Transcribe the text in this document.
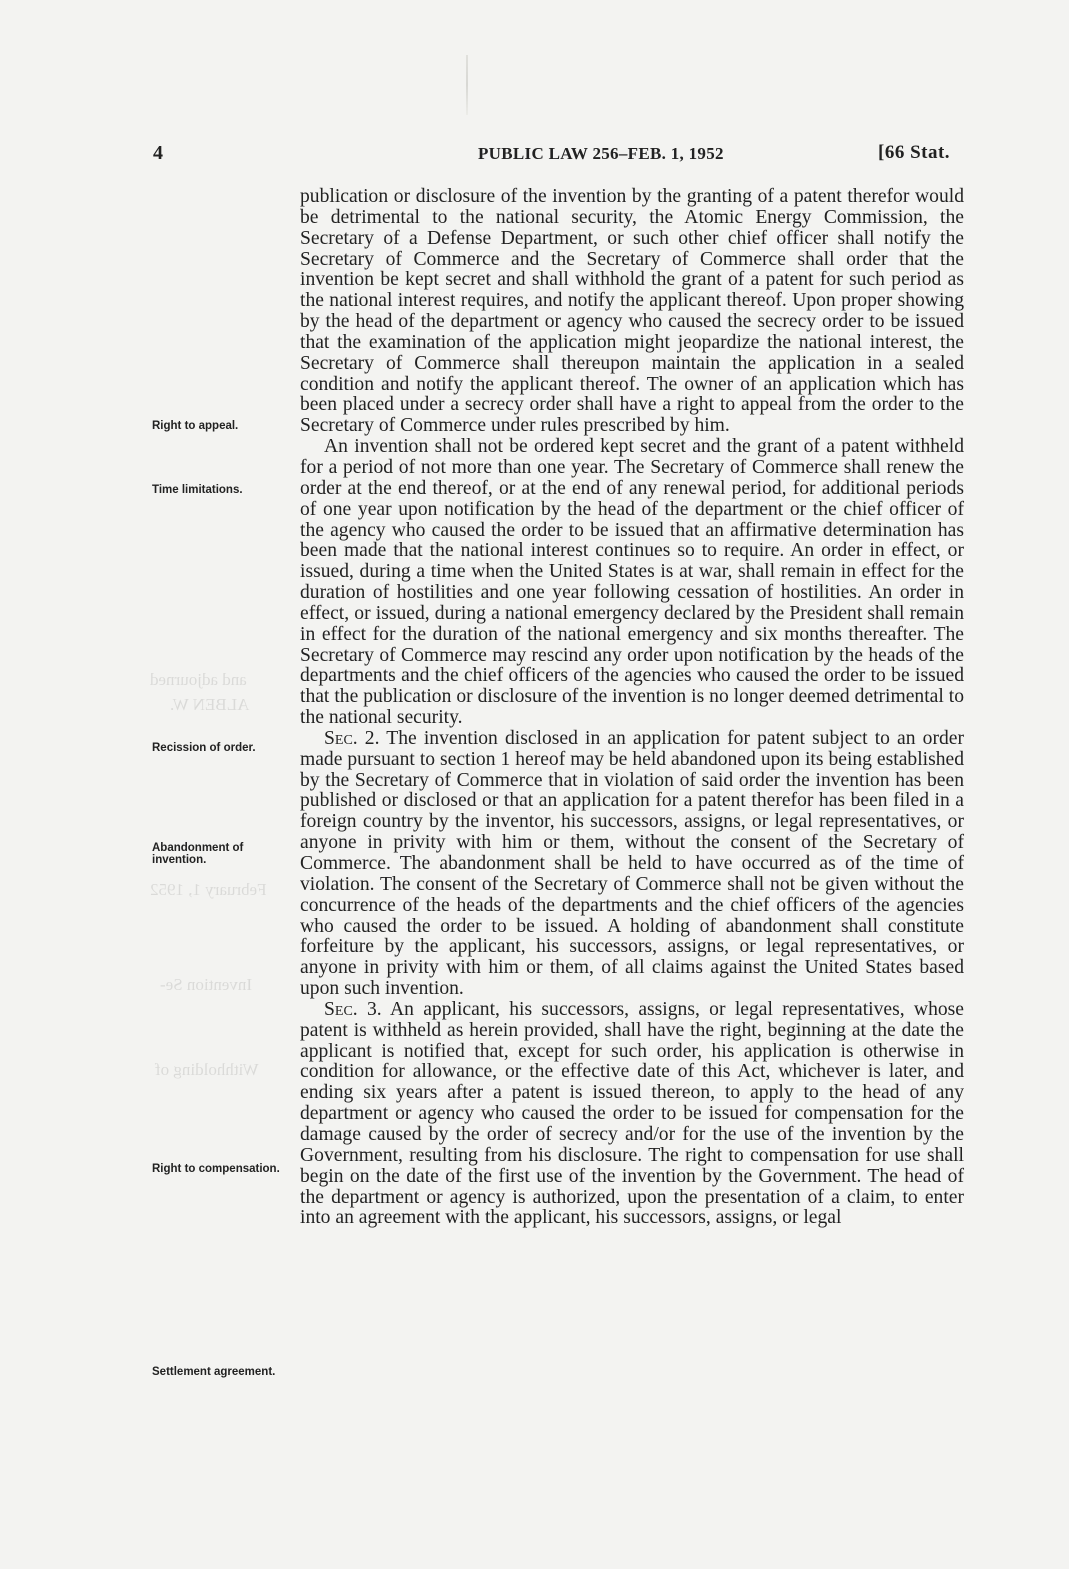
and adjourned
ALBEN W.
February 1, 1952
Invention Se-
Withholding of
4	PUBLIC LAW 256–FEB. 1, 1952	[66 Stat.
Right to appeal.
Time limitations.
Recission of order.
Abandonment of invention.
Right to compensation.
Settlement agreement.

publication or disclosure of the invention by the granting of a patent therefor would be detrimental to the national security, the Atomic Energy Commission, the Secretary of a Defense Department, or such other chief officer shall notify the Secretary of Commerce and the Secretary of Commerce shall order that the invention be kept secret and shall withhold the grant of a patent for such period as the national interest requires, and notify the applicant thereof. Upon proper showing by the head of the department or agency who caused the secrecy order to be issued that the examination of the application might jeopardize the national interest, the Secretary of Commerce shall thereupon maintain the application in a sealed condition and notify the applicant thereof. The owner of an application which has been placed under a secrecy order shall have a right to appeal from the order to the Secretary of Commerce under rules prescribed by him.

An invention shall not be ordered kept secret and the grant of a patent withheld for a period of not more than one year. The Secretary of Commerce shall renew the order at the end thereof, or at the end of any renewal period, for additional periods of one year upon notification by the head of the department or the chief officer of the agency who caused the order to be issued that an affirmative determination has been made that the national interest continues so to require. An order in effect, or issued, during a time when the United States is at war, shall remain in effect for the duration of hostilities and one year following cessation of hostilities. An order in effect, or issued, during a national emergency declared by the President shall remain in effect for the duration of the national emergency and six months thereafter. The Secretary of Commerce may rescind any order upon notification by the heads of the departments and the chief officers of the agencies who caused the order to be issued that the publication or disclosure of the invention is no longer deemed detrimental to the national security.

Sec. 2. The invention disclosed in an application for patent subject to an order made pursuant to section 1 hereof may be held abandoned upon its being established by the Secretary of Commerce that in violation of said order the invention has been published or disclosed or that an application for a patent therefor has been filed in a foreign country by the inventor, his successors, assigns, or legal representatives, or anyone in privity with him or them, without the consent of the Secretary of Commerce. The abandonment shall be held to have occurred as of the time of violation. The consent of the Secretary of Commerce shall not be given without the concurrence of the heads of the departments and the chief officers of the agencies who caused the order to be issued. A holding of abandonment shall constitute forfeiture by the applicant, his successors, assigns, or legal representatives, or anyone in privity with him or them, of all claims against the United States based upon such invention.

Sec. 3. An applicant, his successors, assigns, or legal representatives, whose patent is withheld as herein provided, shall have the right, beginning at the date the applicant is notified that, except for such order, his application is otherwise in condition for allowance, or the effective date of this Act, whichever is later, and ending six years after a patent is issued thereon, to apply to the head of any department or agency who caused the order to be issued for compensation for the damage caused by the order of secrecy and/or for the use of the invention by the Government, resulting from his disclosure. The right to compensation for use shall begin on the date of the first use of the invention by the Government. The head of the department or agency is authorized, upon the presentation of a claim, to enter into an agreement with the applicant, his successors, assigns, or legal
